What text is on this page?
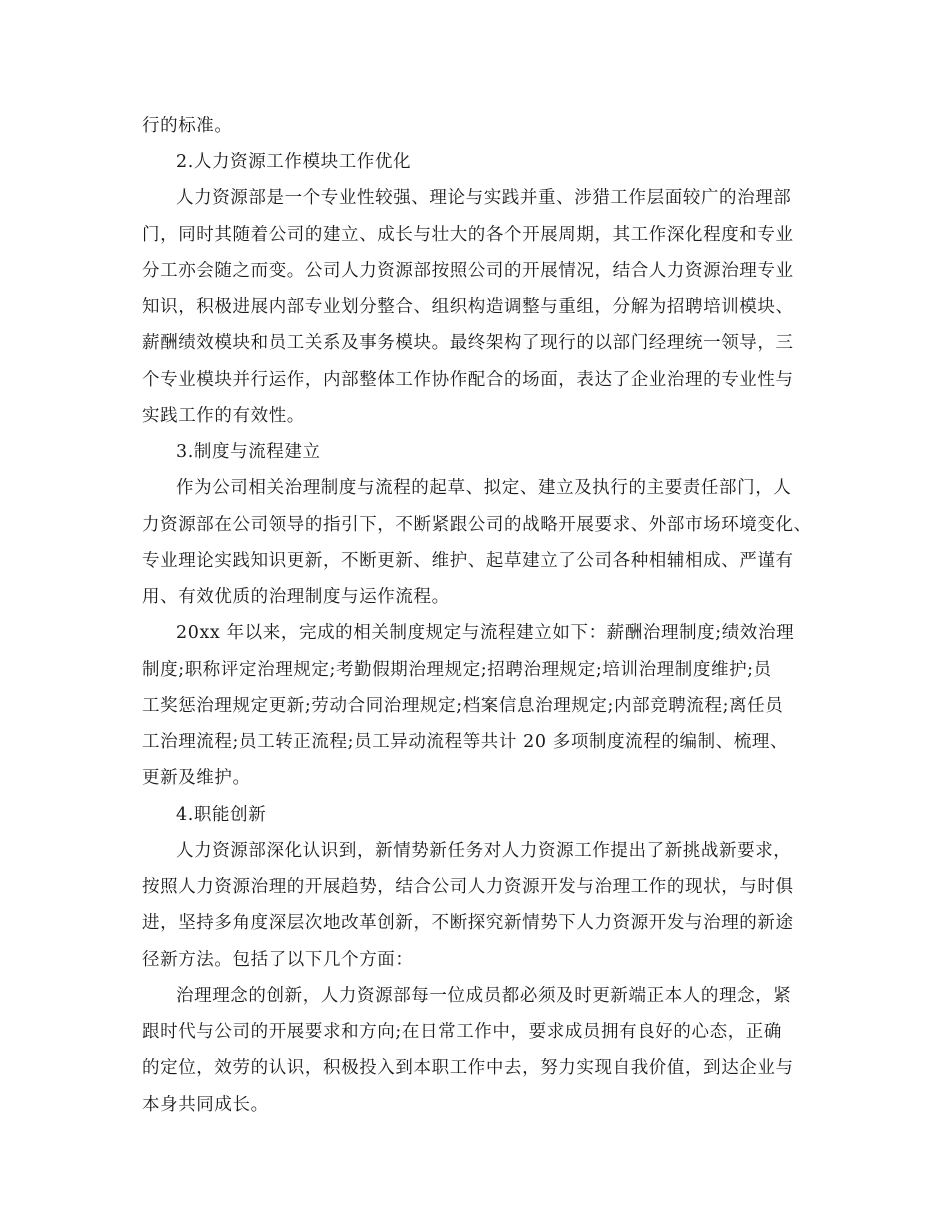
行的标准。
2.人力资源工作模块工作优化
人力资源部是一个专业性较强、理论与实践并重、涉猎工作层面较广的治理部
门，同时其随着公司的建立、成长与壮大的各个开展周期，其工作深化程度和专业
分工亦会随之而变。公司人力资源部按照公司的开展情况，结合人力资源治理专业
知识，积极进展内部专业划分整合、组织构造调整与重组，分解为招聘培训模块、
薪酬绩效模块和员工关系及事务模块。最终架构了现行的以部门经理统一领导，三
个专业模块并行运作，内部整体工作协作配合的场面，表达了企业治理的专业性与
实践工作的有效性。
3.制度与流程建立
作为公司相关治理制度与流程的起草、拟定、建立及执行的主要责任部门，人
力资源部在公司领导的指引下，不断紧跟公司的战略开展要求、外部市场环境变化、
专业理论实践知识更新，不断更新、维护、起草建立了公司各种相辅相成、严谨有
用、有效优质的治理制度与运作流程。
20xx 年以来，完成的相关制度规定与流程建立如下：薪酬治理制度;绩效治理
制度;职称评定治理规定;考勤假期治理规定;招聘治理规定;培训治理制度维护;员
工奖惩治理规定更新;劳动合同治理规定;档案信息治理规定;内部竞聘流程;离任员
工治理流程;员工转正流程;员工异动流程等共计 20 多项制度流程的编制、梳理、
更新及维护。
4.职能创新
人力资源部深化认识到，新情势新任务对人力资源工作提出了新挑战新要求，
按照人力资源治理的开展趋势，结合公司人力资源开发与治理工作的现状，与时俱
进，坚持多角度深层次地改革创新，不断探究新情势下人力资源开发与治理的新途
径新方法。包括了以下几个方面：
治理理念的创新，人力资源部每一位成员都必须及时更新端正本人的理念，紧
跟时代与公司的开展要求和方向;在日常工作中，要求成员拥有良好的心态，正确
的定位，效劳的认识，积极投入到本职工作中去，努力实现自我价值，到达企业与
本身共同成长。
